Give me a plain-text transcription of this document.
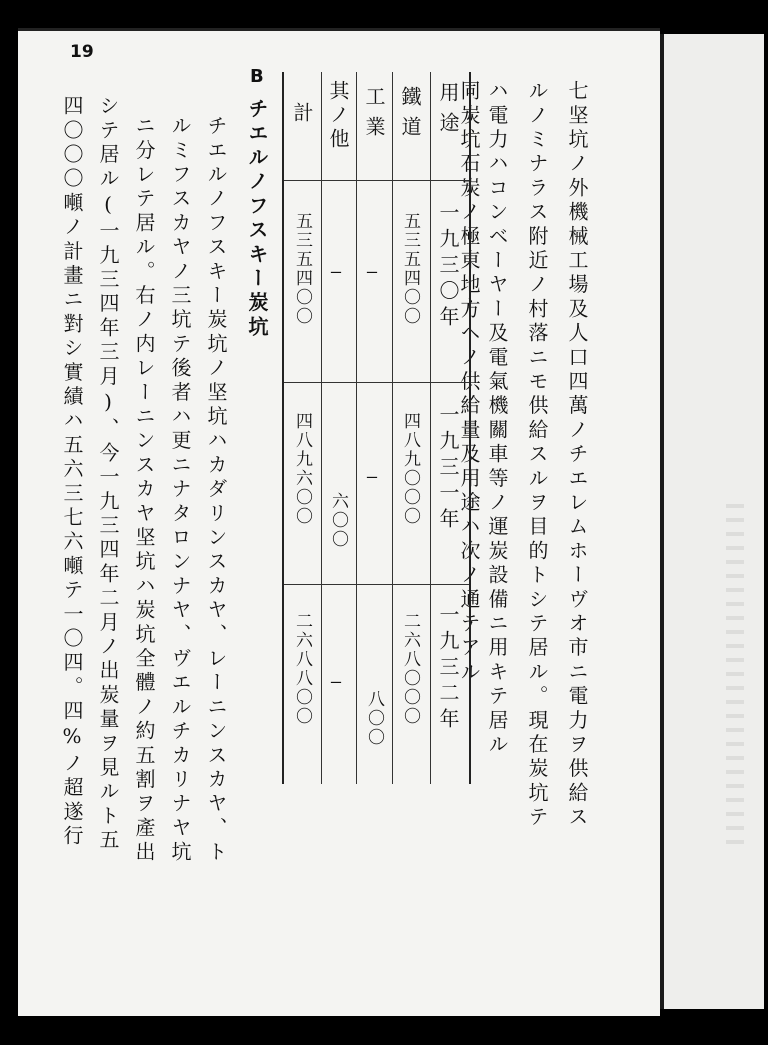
19
七坚坑ノ外機械工場及人口四萬ノチエレムホーヴオ市ニ電力ヲ供給ス
ルノミナラス附近ノ村落ニモ供給スルヲ目的トシテ居ル。現在炭坑テ
ハ電力ハコンベーヤー及電氣機關車等ノ運炭設備ニ用キテ居ル
同炭坑石炭ノ極東地方ヘノ供給量及用途ハ次ノ通テアル
用途
鐵道
工業
其ノ他
計
一九三〇年
一九三一年
一九三二年
五三五四〇〇
—
—
五三五四〇〇
四八九〇〇〇
—
六〇〇
四八九六〇〇
二六八〇〇〇
八〇〇
—
二六八八〇〇
B
チエルノフスキー炭坑
チエルノフスキー炭坑ノ坚坑ハカダリンスカヤ、レーニンスカヤ、ト
ルミフスカヤノ三坑テ後者ハ更ニナタロンナヤ、ヴエルチカリナヤ坑
ニ分レテ居ル。右ノ内レーニンスカヤ坚坑ハ炭坑全體ノ約五割ヲ產出
シテ居ル(一九三四年三月)、今一九三四年二月ノ出炭量ヲ見ルト五
四〇〇〇噸ノ計畫ニ對シ實績ハ五六三七六噸テ一〇四。四%ノ超遂行
